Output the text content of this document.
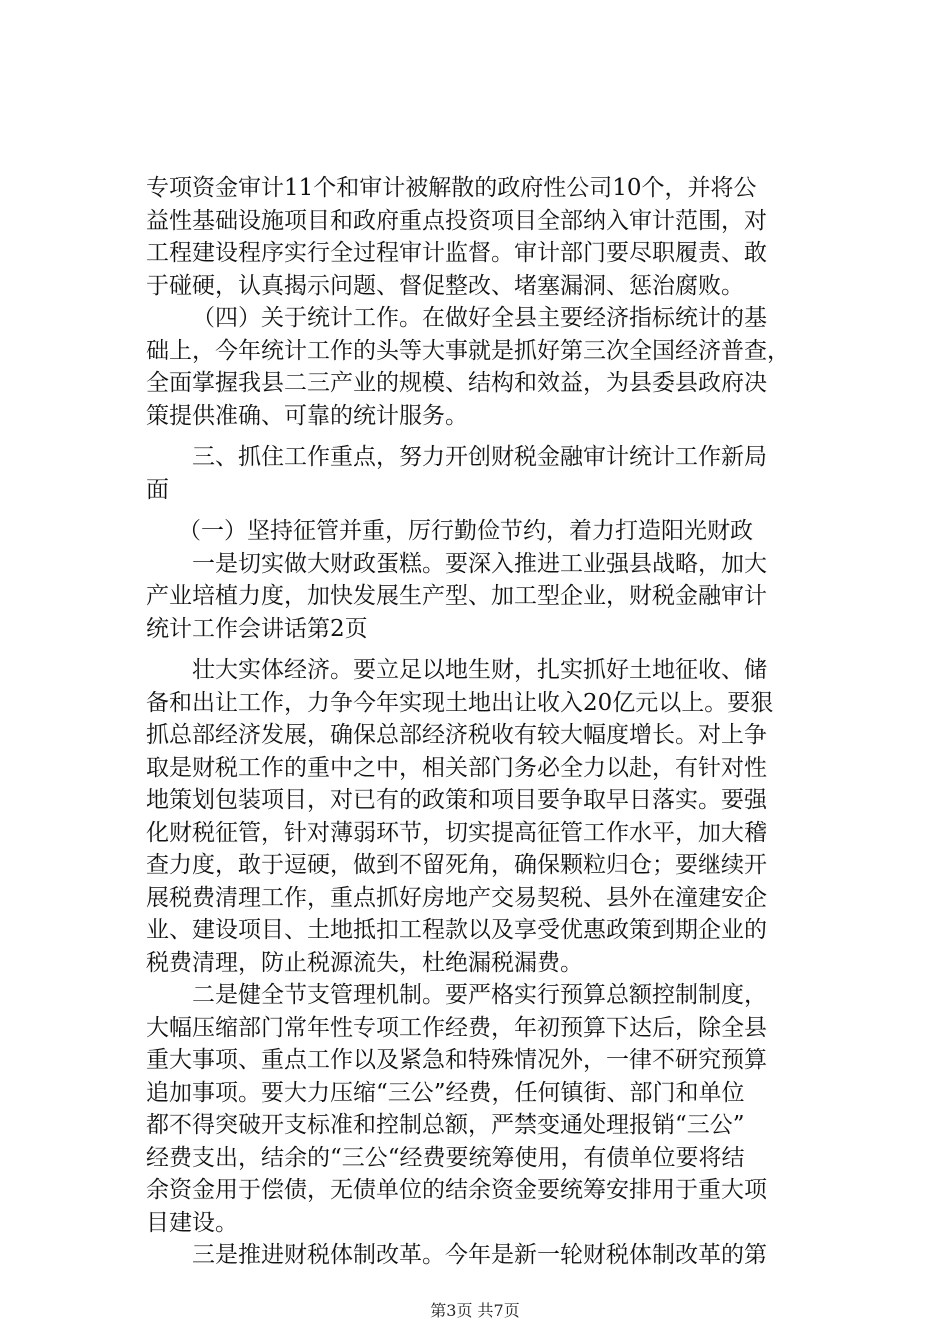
专项资金审计11个和审计被解散的政府性公司10个，并将公
益性基础设施项目和政府重点投资项目全部纳入审计范围，对
工程建设程序实行全过程审计监督。审计部门要尽职履责、敢
于碰硬，认真揭示问题、督促整改、堵塞漏洞、惩治腐败。
（四）关于统计工作。在做好全县主要经济指标统计的基
础上，今年统计工作的头等大事就是抓好第三次全国经济普查，
全面掌握我县二三产业的规模、结构和效益，为县委县政府决
策提供准确、可靠的统计服务。
三、抓住工作重点，努力开创财税金融审计统计工作新局
面
（一）坚持征管并重，厉行勤俭节约，着力打造阳光财政
一是切实做大财政蛋糕。要深入推进工业强县战略，加大
产业培植力度，加快发展生产型、加工型企业，财税金融审计
统计工作会讲话第2页
壮大实体经济。要立足以地生财，扎实抓好土地征收、储
备和出让工作，力争今年实现土地出让收入20亿元以上。要狠
抓总部经济发展，确保总部经济税收有较大幅度增长。对上争
取是财税工作的重中之中，相关部门务必全力以赴，有针对性
地策划包装项目，对已有的政策和项目要争取早日落实。要强
化财税征管，针对薄弱环节，切实提高征管工作水平，加大稽
查力度，敢于逗硬，做到不留死角，确保颗粒归仓；要继续开
展税费清理工作，重点抓好房地产交易契税、县外在潼建安企
业、建设项目、土地抵扣工程款以及享受优惠政策到期企业的
税费清理，防止税源流失，杜绝漏税漏费。
二是健全节支管理机制。要严格实行预算总额控制制度，
大幅压缩部门常年性专项工作经费，年初预算下达后，除全县
重大事项、重点工作以及紧急和特殊情况外，一律不研究预算
追加事项。要大力压缩“三公”经费，任何镇街、部门和单位
都不得突破开支标准和控制总额，严禁变通处理报销“三公”
经费支出，结余的“三公“经费要统筹使用，有债单位要将结
余资金用于偿债，无债单位的结余资金要统筹安排用于重大项
目建设。
三是推进财税体制改革。今年是新一轮财税体制改革的第
第3页 共7页
